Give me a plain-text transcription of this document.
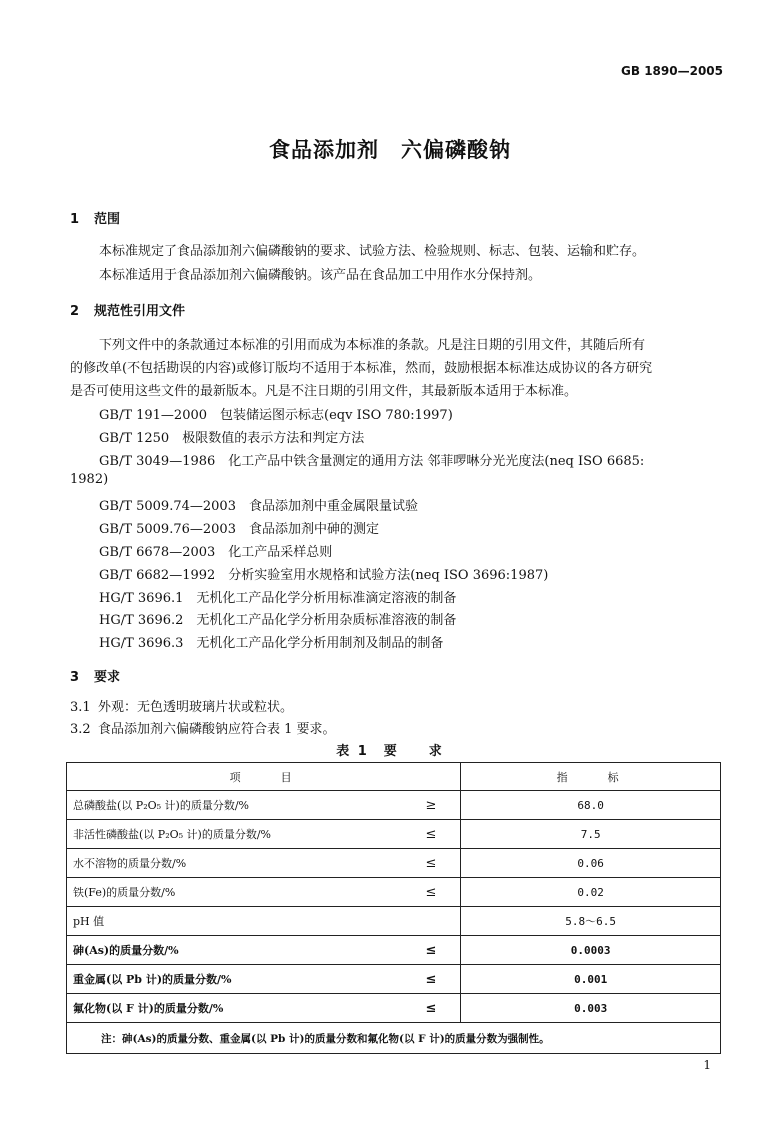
GB 1890—2005
食品添加剂　六偏磷酸钠
1 范围
本标准规定了食品添加剂六偏磷酸钠的要求、试验方法、检验规则、标志、包装、运输和贮存。
本标准适用于食品添加剂六偏磷酸钠。该产品在食品加工中用作水分保持剂。
2 规范性引用文件
下列文件中的条款通过本标准的引用而成为本标准的条款。凡是注日期的引用文件，其随后所有
的修改单(不包括勘误的内容)或修订版均不适用于本标准，然而，鼓励根据本标准达成协议的各方研究
是否可使用这些文件的最新版本。凡是不注日期的引用文件，其最新版本适用于本标准。
GB/T 191—2000　包装储运图示标志(eqv ISO 780:1997)
GB/T 1250　极限数值的表示方法和判定方法
GB/T 3049—1986　化工产品中铁含量测定的通用方法 邻菲啰啉分光光度法(neq ISO 6685:
1982)
GB/T 5009.74—2003　食品添加剂中重金属限量试验
GB/T 5009.76—2003　食品添加剂中砷的测定
GB/T 6678—2003　化工产品采样总则
GB/T 6682—1992　分析实验室用水规格和试验方法(neq ISO 3696:1987)
HG/T 3696.1　无机化工产品化学分析用标准滴定溶液的制备
HG/T 3696.2　无机化工产品化学分析用杂质标准溶液的制备
HG/T 3696.3　无机化工产品化学分析用制剂及制品的制备
3 要求
3.1 外观：无色透明玻璃片状或粒状。
3.2 食品添加剂六偏磷酸钠应符合表 1 要求。
表 1　要　　求
项　　目		指　　标
总磷酸盐(以 P₂O₅ 计)的质量分数/%	≥	68.0
非活性磷酸盐(以 P₂O₅ 计)的质量分数/%	≤	7.5
水不溶物的质量分数/%	≤	0.06
铁(Fe)的质量分数/%	≤	0.02
pH 值		5.8～6.5
砷(As)的质量分数/%	≤	0.0003
重金属(以 Pb 计)的质量分数/%	≤	0.001
氟化物(以 F 计)的质量分数/%	≤	0.003
注：砷(As)的质量分数、重金属(以 Pb 计)的质量分数和氟化物(以 F 计)的质量分数为强制性。		
1
